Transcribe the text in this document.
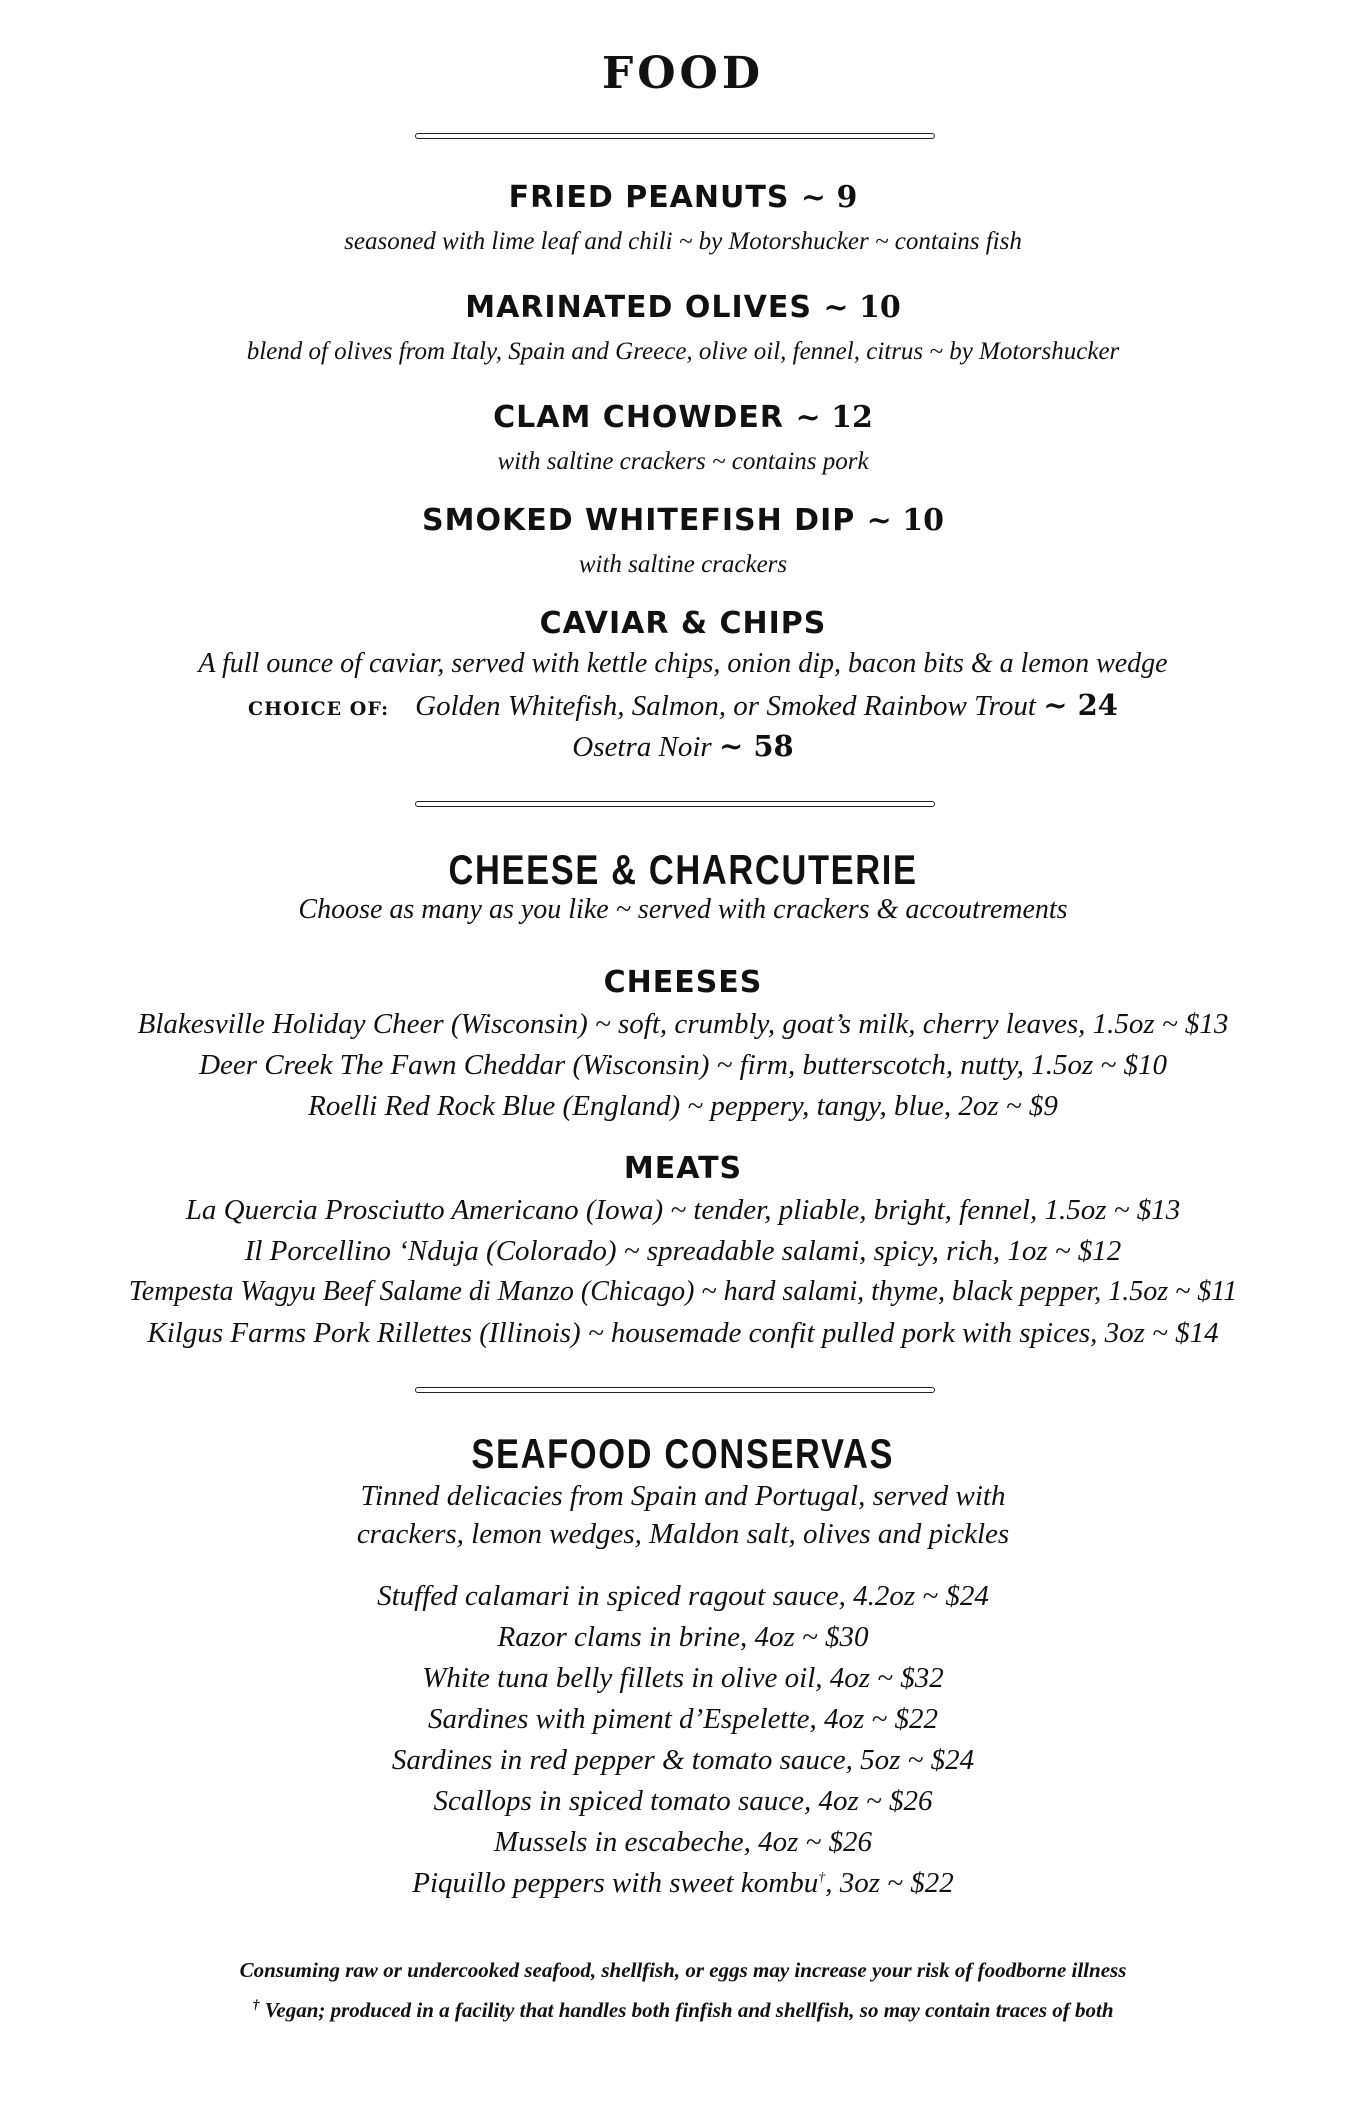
FOOD
FRIED PEANUTS ~ 9
seasoned with lime leaf and chili ~ by Motorshucker ~ contains fish
MARINATED OLIVES ~ 10
blend of olives from Italy, Spain and Greece, olive oil, fennel, citrus ~ by Motorshucker
CLAM CHOWDER ~ 12
with saltine crackers ~ contains pork
SMOKED WHITEFISH DIP ~ 10
with saltine crackers
CAVIAR & CHIPS
A full ounce of caviar, served with kettle chips, onion dip, bacon bits & a lemon wedge
CHOICE OF: Golden Whitefish, Salmon, or Smoked Rainbow Trout ~ 24
Osetra Noir ~ 58
CHEESE & CHARCUTERIE
Choose as many as you like ~ served with crackers & accoutrements
CHEESES
Blakesville Holiday Cheer (Wisconsin) ~ soft, crumbly, goat’s milk, cherry leaves, 1.5oz ~ $13
Deer Creek The Fawn Cheddar (Wisconsin) ~ firm, butterscotch, nutty, 1.5oz ~ $10
Roelli Red Rock Blue (England) ~ peppery, tangy, blue, 2oz ~ $9
MEATS
La Quercia Prosciutto Americano (Iowa) ~ tender, pliable, bright, fennel, 1.5oz ~ $13
Il Porcellino ‘Nduja (Colorado) ~ spreadable salami, spicy, rich, 1oz ~ $12
Tempesta Wagyu Beef Salame di Manzo (Chicago) ~ hard salami, thyme, black pepper, 1.5oz ~ $11
Kilgus Farms Pork Rillettes (Illinois) ~ housemade confit pulled pork with spices, 3oz ~ $14
SEAFOOD CONSERVAS
Tinned delicacies from Spain and Portugal, served with
crackers, lemon wedges, Maldon salt, olives and pickles
Stuffed calamari in spiced ragout sauce, 4.2oz ~ $24
Razor clams in brine, 4oz ~ $30
White tuna belly fillets in olive oil, 4oz ~ $32
Sardines with piment d’Espelette, 4oz ~ $22
Sardines in red pepper & tomato sauce, 5oz ~ $24
Scallops in spiced tomato sauce, 4oz ~ $26
Mussels in escabeche, 4oz ~ $26
Piquillo peppers with sweet kombu†, 3oz ~ $22
Consuming raw or undercooked seafood, shellfish, or eggs may increase your risk of foodborne illness
† Vegan; produced in a facility that handles both finfish and shellfish, so may contain traces of both
